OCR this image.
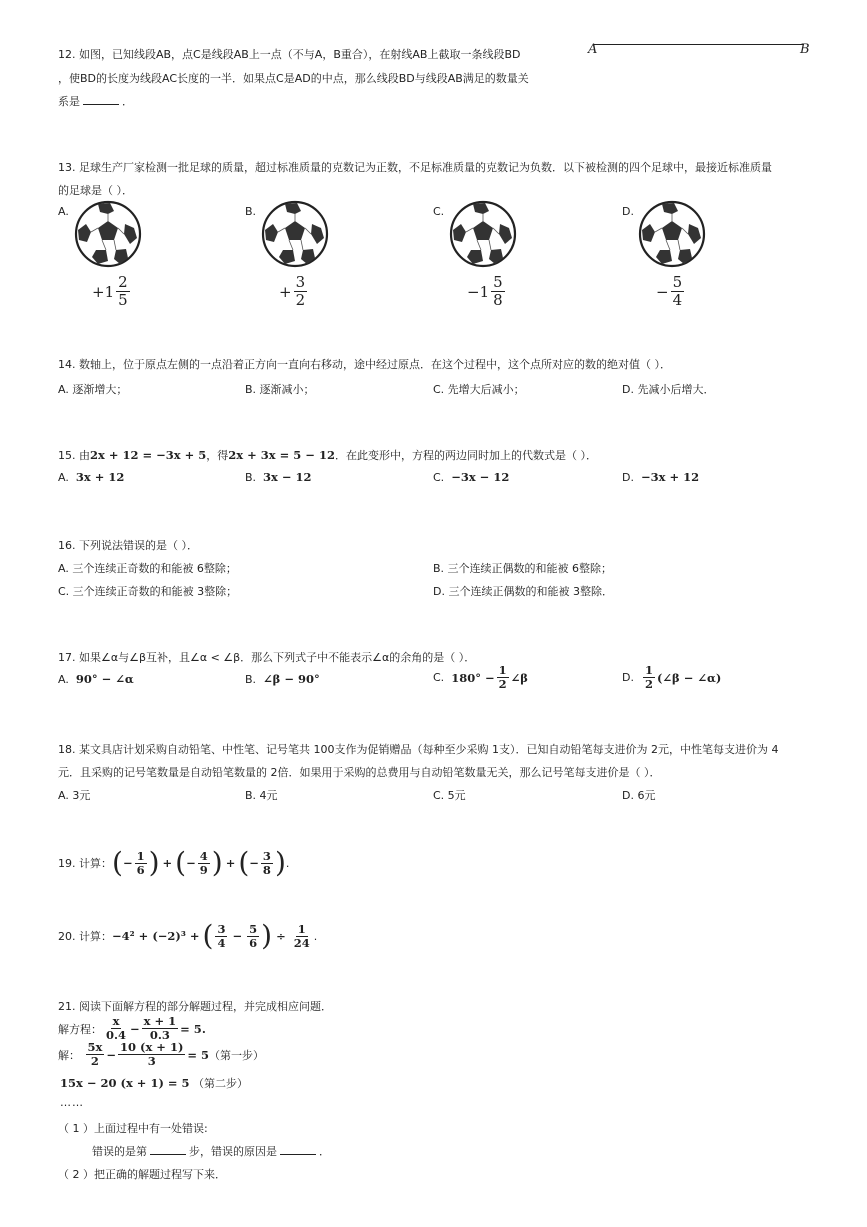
12. 如图，已知线段AB，点C是线段AB上一点（不与A，B重合），在射线AB上截取一条线段BD
，使BD的长度为线段AC长度的一半．如果点C是AD的中点，那么线段BD与线段AB满足的数量关
系是	．
A	B
13. 足球生产厂家检测一批足球的质量，超过标准质量的克数记为正数，不足标准质量的克数记为负数．以下被检测的四个足球中，最接近标准质量
的足球是（ ）．
A.
$+1 \frac{2}{5}$
B.
+ $\frac{3}{2}$
C.
$-1 \frac{5}{8}$
D.
− $\frac{5}{4}$
14. 数轴上，位于原点左侧的一点沿着正方向一直向右移动，途中经过原点．在这个过程中，这个点所对应的数的绝对值（ ）．
A. 逐渐增大；	B. 逐渐减小；	C. 先增大后减小；	D. 先减小后增大．
15. 由2x + 12 = −3x + 5，得2x + 3x = 5 − 12．在此变形中，方程的两边同时加上的代数式是（ ）．
A. 3x + 12	B. 3x − 12	C. −3x − 12	D. −3x + 12
16. 下列说法错误的是（ ）．
A. 三个连续正奇数的和能被 6整除；	B. 三个连续正偶数的和能被 6整除；
C. 三个连续正奇数的和能被 3整除；	D. 三个连续正偶数的和能被 3整除．
17. 如果∠α与∠β互补，且∠α < ∠β．那么下列式子中不能表示∠α的余角的是（ ）．
A. 90° − ∠α	B. ∠β − 90°	C.
$180^\circ - \frac{1}{2}$ ∠β	D.
$\frac{1}{2}$ (∠β − ∠α)
18. 某文具店计划采购自动铅笔、中性笔、记号笔共 100支作为促销赠品（每种至少采购 1支）．已知自动铅笔每支进价为 2元，中性笔每支进价为 4
元．且采购的记号笔数量是自动铅笔数量的 2倍．如果用于采购的总费用与自动铅笔数量无关，那么记号笔每支进价是（ ）．
A. 3元	B. 4元	C. 5元	D. 6元
19. 计算： ( − $\frac{1}{6}$ ) + ( − $\frac{4}{9}$ ) + ( − $\frac{3}{8}$ ) .
20. 计算： −4² + (−2)³ + ( $\frac{3}{4} - \frac{5}{6}$ ) ÷ $\frac{1}{24}$ .
21. 阅读下面解方程的部分解题过程，并完成相应问题．
解方程： $\frac{x}{0.4} - \frac{x + 1}{0.3} = 5$.
解：
$\frac{5x}{2} - \frac{10 (x + 1)}{3} = 5$ （第一步）
15x − 20 (x + 1) = 5 （第二步）
……
（ 1 ）上面过程中有一处错误:
错误的是第	步，错误的原因是	．
（ 2 ）把正确的解题过程写下来．
